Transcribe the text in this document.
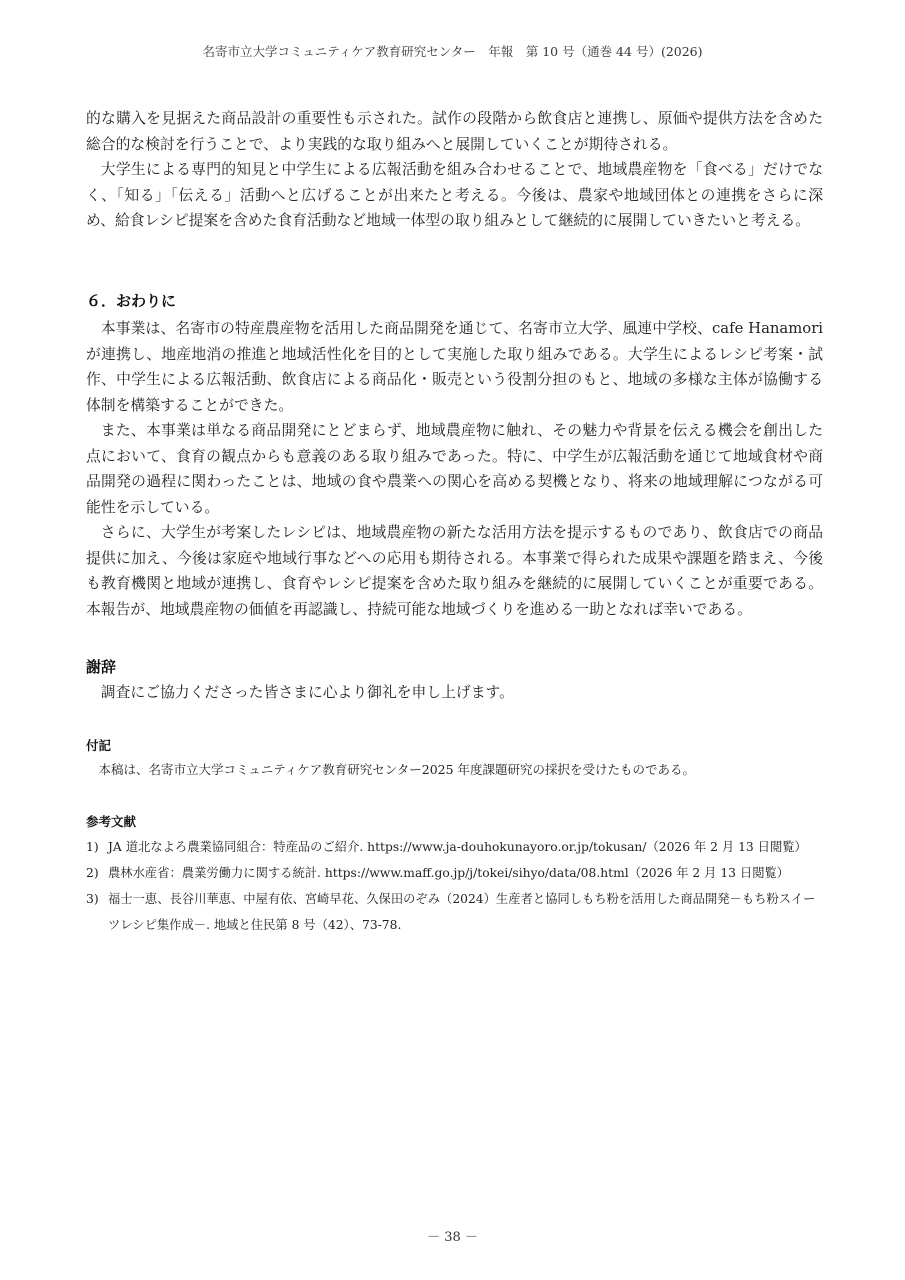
名寄市立大学コミュニティケア教育研究センター　年報　第 10 号（通巻 44 号）(2026)

的な購入を見据えた商品設計の重要性も示された。試作の段階から飲食店と連携し、原価や提供方法を含めた総合的な検討を行うことで、より実践的な取り組みへと展開していくことが期待される。

大学生による専門的知見と中学生による広報活動を組み合わせることで、地域農産物を「食べる」だけでなく、「知る」「伝える」活動へと広げることが出来たと考える。今後は、農家や地域団体との連携をさらに深め、給食レシピ提案を含めた食育活動など地域一体型の取り組みとして継続的に展開していきたいと考える。

６．おわりに

本事業は、名寄市の特産農産物を活用した商品開発を通じて、名寄市立大学、風連中学校、cafe Hanamoriが連携し、地産地消の推進と地域活性化を目的として実施した取り組みである。大学生によるレシピ考案・試作、中学生による広報活動、飲食店による商品化・販売という役割分担のもと、地域の多様な主体が協働する体制を構築することができた。

また、本事業は単なる商品開発にとどまらず、地域農産物に触れ、その魅力や背景を伝える機会を創出した点において、食育の観点からも意義のある取り組みであった。特に、中学生が広報活動を通じて地域食材や商品開発の過程に関わったことは、地域の食や農業への関心を高める契機となり、将来の地域理解につながる可能性を示している。

さらに、大学生が考案したレシピは、地域農産物の新たな活用方法を提示するものであり、飲食店での商品提供に加え、今後は家庭や地域行事などへの応用も期待される。本事業で得られた成果や課題を踏まえ、今後も教育機関と地域が連携し、食育やレシピ提案を含めた取り組みを継続的に展開していくことが重要である。本報告が、地域農産物の価値を再認識し、持続可能な地域づくりを進める一助となれば幸いである。

謝辞

調査にご協力くださった皆さまに心より御礼を申し上げます。

付記

本稿は、名寄市立大学コミュニティケア教育研究センター2025 年度課題研究の採択を受けたものである。

参考文献
1) JA 道北なよろ農業協同組合：特産品のご紹介. https://www.ja-douhokunayoro.or.jp/tokusan/（2026 年 2 月 13 日閲覧）
2) 農林水産省：農業労働力に関する統計. https://www.maff.go.jp/j/tokei/sihyo/data/08.html（2026 年 2 月 13 日閲覧）
3) 福士一恵、長谷川華恵、中屋有依、宮崎早花、久保田のぞみ（2024）生産者と協同しもち粉を活用した商品開発－もち粉スイーツレシピ集作成－. 地域と住民第 8 号（42）、73-78.
－ 38 －
